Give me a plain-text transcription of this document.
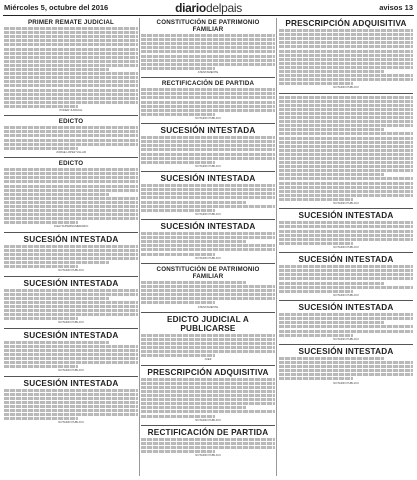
Miércoles 5, octubre del 2016	diariodelpais	avisos 13
PRIMER REMATE JUDICIAL
PODER JUDICIAL
EDICTO
JORGE LOPEZ VILLAR
EDICTO
JUEZ SUPERNUMERARIO
SUCESIÓN INTESTADA
NOTARIO PUBLICO
SUCESIÓN INTESTADA
NOTARIO PUBLICO
SUCESIÓN INTESTADA
NOTARIO PUBLICO
SUCESIÓN INTESTADA
NOTARIO PUBLICO
CONSTITUCIÓN DE PATRIMONIO FAMILIAR
ATENTAMENTE
RECTIFICACIÓN DE PARTIDA
NOTARIO PUBLICO
SUCESIÓN INTESTADA
NOTARIO PUBLICO
SUCESIÓN INTESTADA
NOTARIO PUBLICO
SUCESIÓN INTESTADA
NOTARIO PUBLICO
CONSTITUCIÓN DE PATRIMONIO FAMILIAR
ATENTAMENTE
EDICTO JUDICIAL A PUBLICARSE
JUEZ
PRESCRIPCIÓN ADQUISITIVA
NOTARIO PUBLICO
RECTIFICACIÓN DE PARTIDA
NOTARIO PUBLICO
PRESCRIPCIÓN ADQUISITIVA
NOTARIO PUBLICO
NOTARIO PUBLICO
SUCESIÓN INTESTADA
NOTARIO PUBLICO
SUCESIÓN INTESTADA
NOTARIO PUBLICO
SUCESIÓN INTESTADA
NOTARIO PUBLICO
SUCESIÓN INTESTADA
NOTARIO PUBLICO
